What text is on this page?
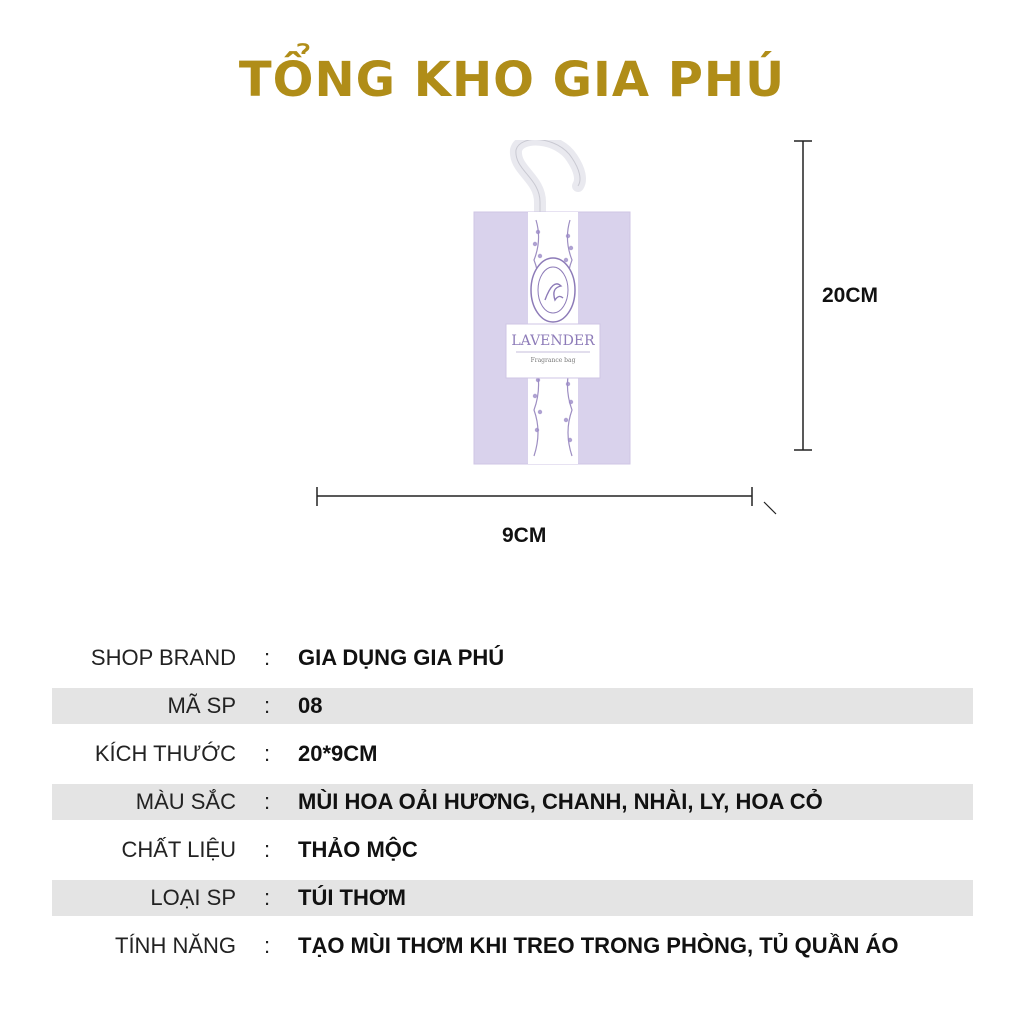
TỔNG KHO GIA PHÚ
LAVENDER
Fragrance bag
20CM
9CM
SHOP BRAND	:	GIA DỤNG GIA PHÚ
MÃ SP	:	08
KÍCH THƯỚC	:	20*9CM
MÀU SẮC	:	MÙI HOA OẢI HƯƠNG, CHANH, NHÀI, LY, HOA CỎ
CHẤT LIỆU	:	THẢO MỘC
LOẠI SP	:	TÚI THƠM
TÍNH NĂNG	:	TẠO MÙI THƠM KHI TREO TRONG PHÒNG, TỦ QUẦN ÁO
